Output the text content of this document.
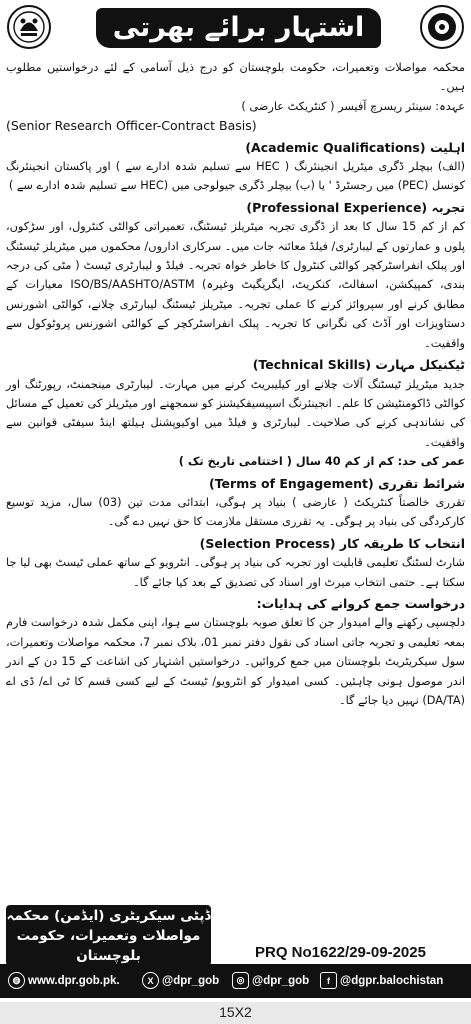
اشتہار برائے بھرتی

محکمہ مواصلات وتعمیرات، حکومت بلوچستان کو درج ذیل آسامی کے لئے درخواستیں مطلوب ہیں۔

عہدہ: سینئر ریسرچ آفیسر ( کنٹریکٹ عارضی )

(Senior Research Officer-Contract Basis)

اہلیت (Academic Qualifications)

(الف) بیچلر ڈگری میٹریل انجینئرنگ ( HEC سے تسلیم شدہ ادارے سے ) اور پاکستان انجینئرنگ کونسل (PEC) میں رجسٹرڈ ' یا (ب) بیچلر ڈگری جیولوجی میں (HEC سے تسلیم شدہ ادارے سے )

تجربہ (Professional Experience)

کم از کم 15 سال کا بعد از ڈگری تجربہ میٹریلز ٹیسٹنگ، تعمیراتی کوالٹی کنٹرول، اور سڑکوں، پلوں و عمارتوں کے لیبارٹری/ فیلڈ معائنہ جات میں۔ سرکاری اداروں/ محکموں میں میٹریلز ٹیسٹنگ اور پبلک انفراسٹرکچر کوالٹی کنٹرول کا خاطر خواہ تجربہ۔ فیلڈ و لیبارٹری ٹیسٹ ( مٹی کی درجہ بندی، کمپیکشن، اسفالٹ، کنکریٹ، ایگریگیٹ وغیرہ) ISO/BS/AASHTO/ASTM معیارات کے مطابق کرنے اور سپروائز کرنے کا عملی تجربہ۔ میٹریلز ٹیسٹنگ لیبارٹری چلانے، کوالٹی اشورنس دستاویزات اور آڈٹ کی نگرانی کا تجربہ۔ پبلک انفراسٹرکچر کے کوالٹی اشورنس پروٹوکول سے واقفیت۔

ٹیکنیکل مہارت (Technical Skills)

جدید میٹریلز ٹیسٹنگ آلات چلانے اور کیلیبریٹ کرنے میں مہارت۔ لیبارٹری مینجمنٹ، رپورٹنگ اور کوالٹی ڈاکومنٹیشن کا علم۔ انجینئرنگ اسپیسیفکیشنز کو سمجھنے اور میٹریلز کی تعمیل کے مسائل کی نشاندہی کرنے کی صلاحیت۔ لیبارٹری و فیلڈ میں اوکیوپشنل ہیلتھ اینڈ سیفٹی قوانین سے واقفیت۔

عمر کی حد: کم از کم 40 سال ( اختتامی تاریخ تک )

شرائط تقرری (Terms of Engagement)

تقرری خالصتاً کنٹریکٹ ( عارضی ) بنیاد پر ہوگی، ابتدائی مدت تین (03) سال، مزید توسیع کارکردگی کی بنیاد پر ہوگی۔ یہ تقرری مستقل ملازمت کا حق نہیں دے گی۔

انتخاب کا طریقہ کار (Selection Process)

شارٹ لسٹنگ تعلیمی قابلیت اور تجربہ کی بنیاد پر ہوگی۔ انٹرویو کے ساتھ عملی ٹیسٹ بھی لیا جا سکتا ہے۔ حتمی انتخاب میرٹ اور اسناد کی تصدیق کے بعد کیا جائے گا۔

درخواست جمع کروانے کی ہدایات:

دلچسپی رکھنے والے امیدوار جن کا تعلق صوبہ بلوچستان سے ہوا، اپنی مکمل شدہ درخواست فارم بمعہ تعلیمی و تجربہ جاتی اسناد کی نقول دفتر نمبر 01، بلاک نمبر 7، محکمہ مواصلات وتعمیرات، سول سیکریٹریٹ بلوچستان میں جمع کروائیں۔ درخواستیں اشتہار کی اشاعت کے 15 دن کے اندر اندر موصول ہونی چاہئیں۔ کسی امیدوار کو انٹرویو/ ٹیسٹ کے لیے کسی قسم کا ٹی اے/ ڈی اے (DA/TA) نہیں دیا جائے گا۔

ڈپٹی سیکریٹری (ایڈمن) محکمہ
مواصلات وتعمیرات، حکومت بلوچستان	PRQ No1622/29-09-2025
◍ www.dpr.gob.pk.	X @dpr_gob	◎ @dpr_gob	f @dgpr.balochistan
15X2
